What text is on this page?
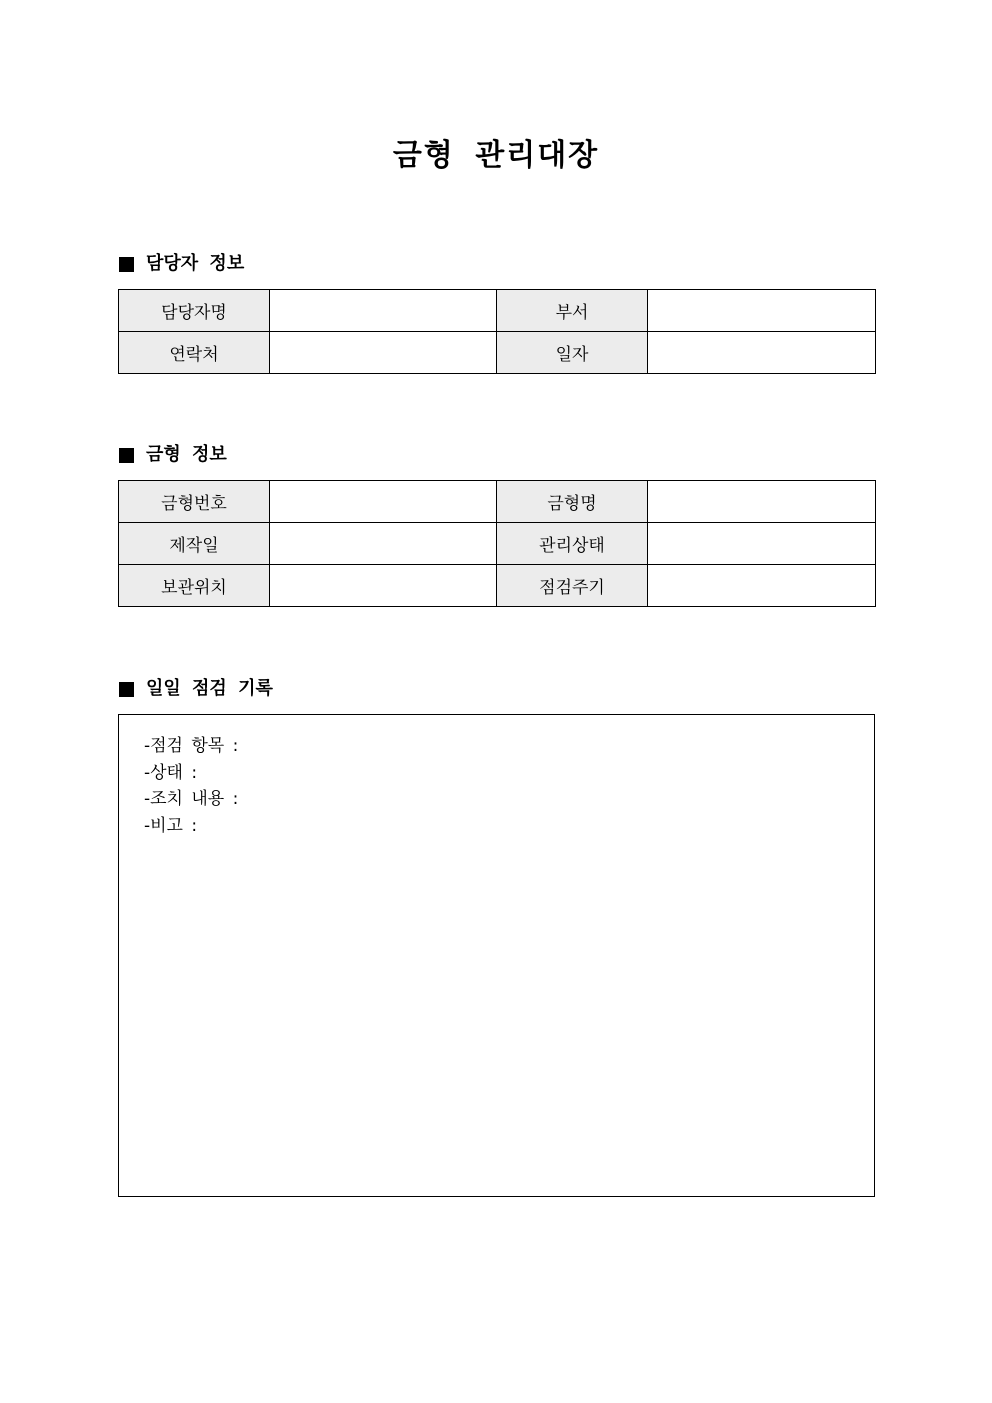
금형 관리대장
담당자 정보
담당자명		부서	
연락처		일자	
금형 정보
금형번호		금형명	
제작일		관리상태	
보관위치		점검주기	
일일 점검 기록
-점검 항목 :
-상태 :
-조치 내용 :
-비고 :
